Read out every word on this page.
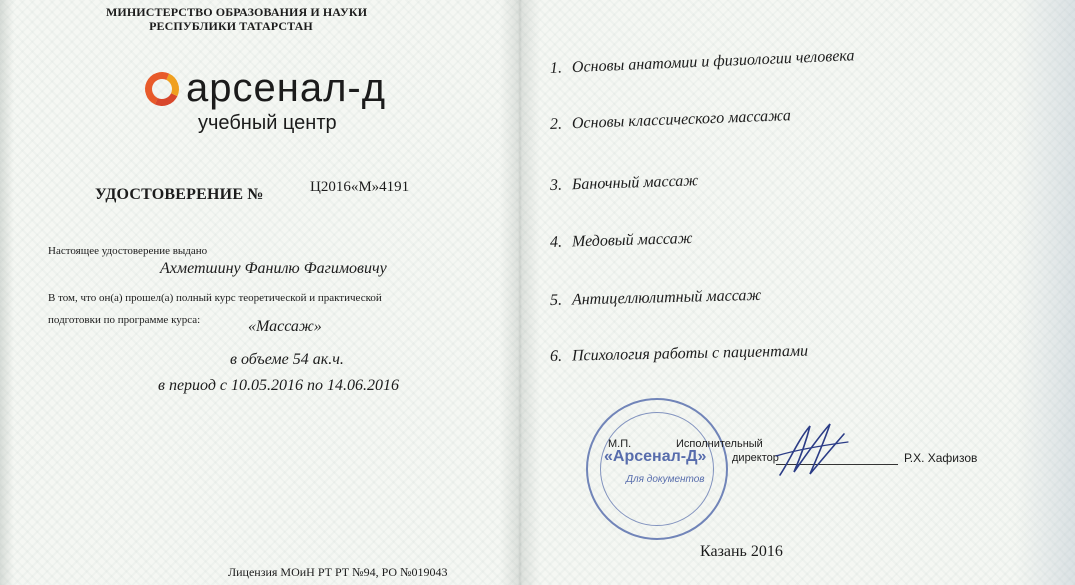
МИНИСТЕРСТВО ОБРАЗОВАНИЯ И НАУКИ
РЕСПУБЛИКИ ТАТАРСТАН
арсенал-д
учебный центр
УДОСТОВЕРЕНИЕ №	Ц2016«М»4191
Настоящее удостоверение выдано
Ахметшину Фанилю Фагимовичу
В том, что он(а) прошел(а) полный курс теоретической и практической
подготовки по программе курса:	«Массаж»
в объеме 54 ак.ч.
в период с 10.05.2016 по 14.06.2016
Лицензия МОиН РТ РТ №94, РО №019043
1. Основы анатомии и физиологии человека
2. Основы классического массажа
3. Баночный массаж
4. Медовый массаж
5. Антицеллюлитный массаж
6. Психология работы с пациентами
М.П.
«Арсенал-Д»
Для документов
Исполнительный
директор	Р.Х. Хафизов
Казань 2016
